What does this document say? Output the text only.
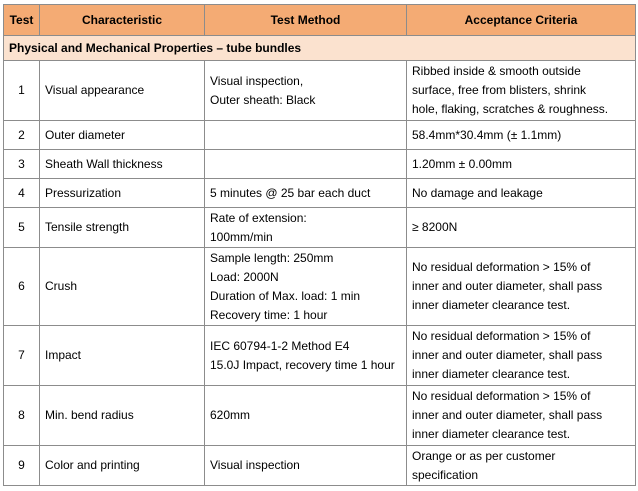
Test	Characteristic	Test Method	Acceptance Criteria
Physical and Mechanical Properties – tube bundles			
1	Visual appearance	Visual inspection,
Outer sheath: Black	Ribbed inside & smooth outside
surface, free from blisters, shrink
hole, flaking, scratches & roughness.

2	Outer diameter		58.4mm*30.4mm (± 1.1mm)

3	Sheath Wall thickness		1.20mm ± 0.00mm

4	Pressurization	5 minutes @ 25 bar each duct	No damage and leakage

5	Tensile strength	Rate of extension:
100mm/min	≥ 8200N

6	Crush	Sample length: 250mm
Load: 2000N
Duration of Max. load: 1 min
Recovery time: 1 hour	No residual deformation > 15% of
inner and outer diameter, shall pass
inner diameter clearance test.

7	Impact	IEC 60794-1-2 Method E4
15.0J Impact, recovery time 1 hour	No residual deformation > 15% of
inner and outer diameter, shall pass
inner diameter clearance test.

8	Min. bend radius	620mm	No residual deformation > 15% of
inner and outer diameter, shall pass
inner diameter clearance test.

9	Color and printing	Visual inspection	Orange or as per customer
specification
